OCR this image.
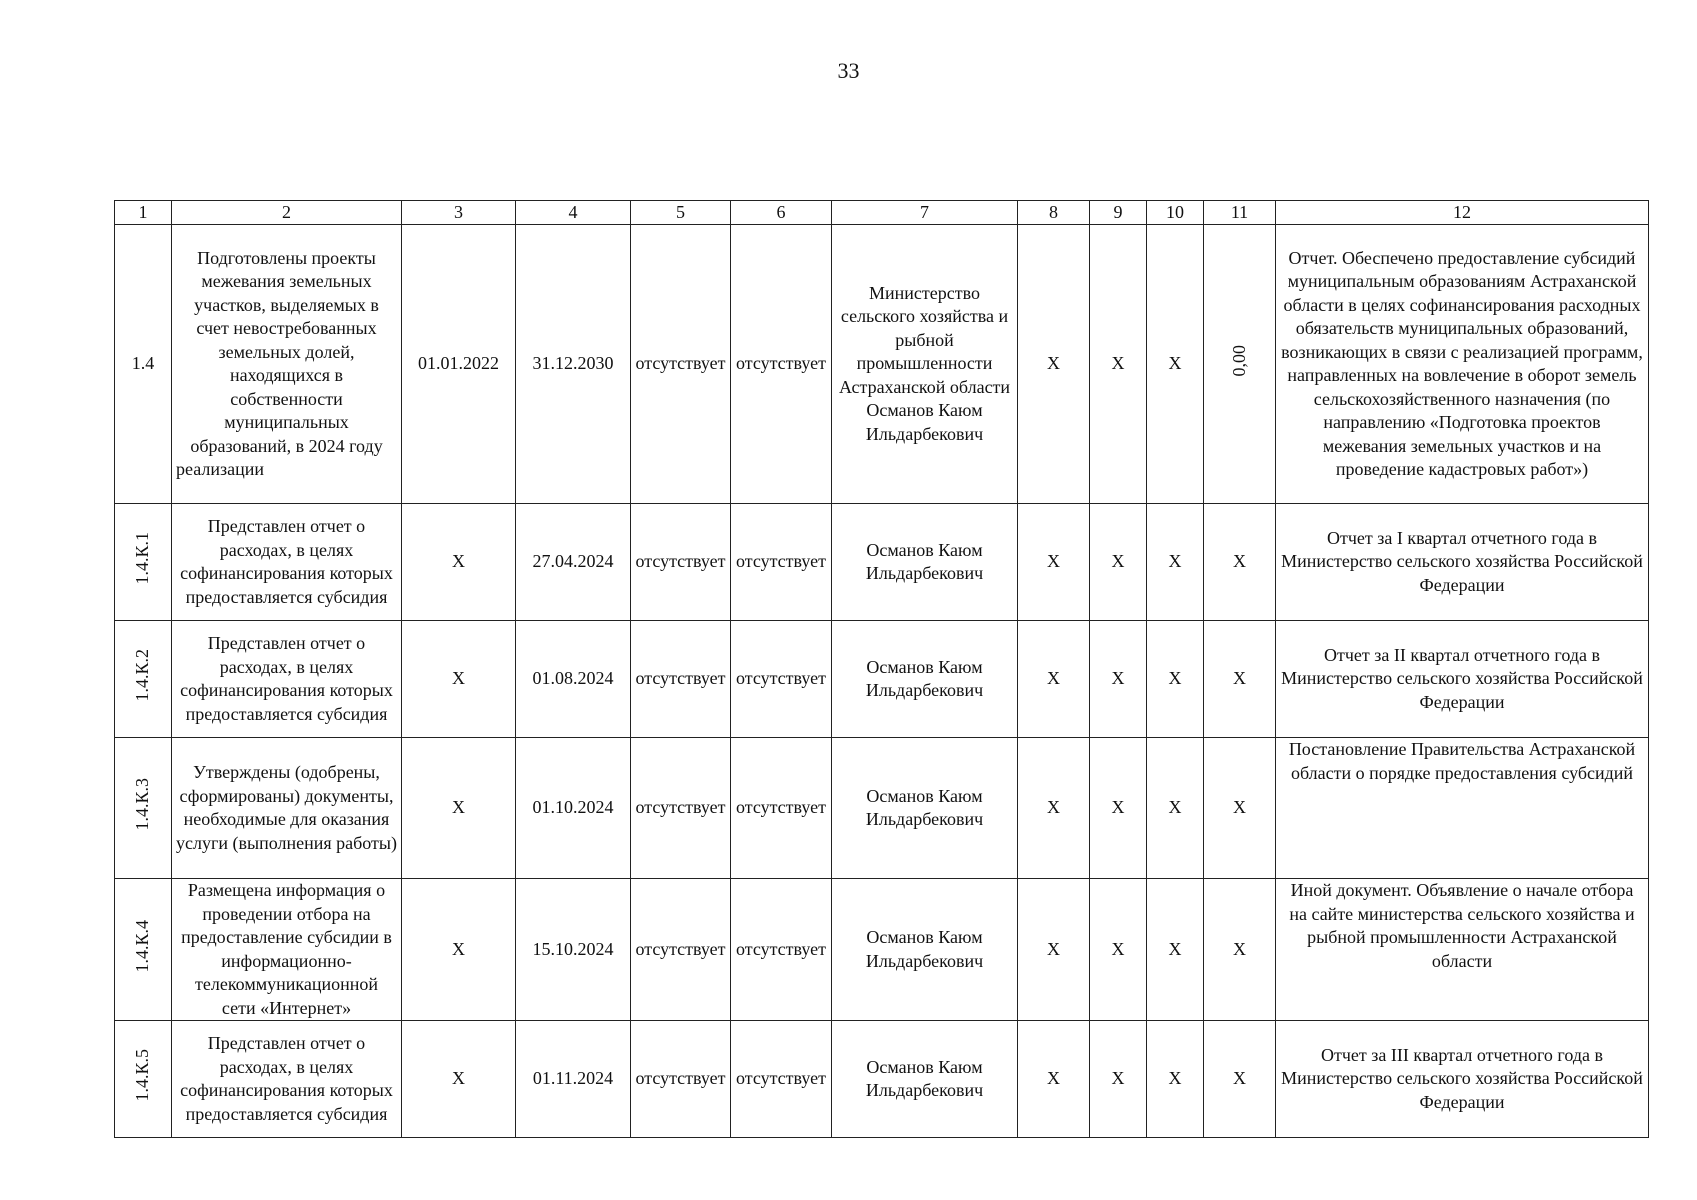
33
1	2	3	4	5	6	7	8	9	10	11	12
1.4	Подготовлены проекты межевания земельных участков, выделяемых в счет невостребованных земельных долей, находящихся в собственности муниципальных образований, в 2024 году реализации	01.01.2022	31.12.2030	отсутствует	отсутствует	Министерство сельского хозяйства и рыбной промышленности Астраханской области Османов Каюм Ильдарбекович	X	X	X	0,00	Отчет. Обеспечено предоставление субсидий муниципальным образованиям Астраханской области в целях софинансирования расходных обязательств муниципальных образований, возникающих в связи с реализацией программ, направленных на вовлечение в оборот земель сельскохозяйственного назначения (по направлению «Подготовка проектов межевания земельных участков и на проведение кадастровых работ»)
1.4.К.1	Представлен отчет о расходах, в целях софинансирования которых предоставляется субсидия	X	27.04.2024	отсутствует	отсутствует	Османов Каюм Ильдарбекович	X	X	X	X	Отчет за I квартал отчетного года в Министерство сельского хозяйства Российской Федерации
1.4.К.2	Представлен отчет о расходах, в целях софинансирования которых предоставляется субсидия	X	01.08.2024	отсутствует	отсутствует	Османов Каюм Ильдарбекович	X	X	X	X	Отчет за II квартал отчетного года в Министерство сельского хозяйства Российской Федерации
1.4.К.3	Утверждены (одобрены, сформированы) документы, необходимые для оказания услуги (выполнения работы)	X	01.10.2024	отсутствует	отсутствует	Османов Каюм Ильдарбекович	X	X	X	X	Постановление Правительства Астраханской области о порядке предоставления субсидий
1.4.К.4	Размещена информация о проведении отбора на предоставление субсидии в информационно-телекоммуникационной сети «Интернет»	X	15.10.2024	отсутствует	отсутствует	Османов Каюм Ильдарбекович	X	X	X	X	Иной документ. Объявление о начале отбора на сайте министерства сельского хозяйства и рыбной промышленности Астраханской области
1.4.К.5	Представлен отчет о расходах, в целях софинансирования которых предоставляется субсидия	X	01.11.2024	отсутствует	отсутствует	Османов Каюм Ильдарбекович	X	X	X	X	Отчет за III квартал отчетного года в Министерство сельского хозяйства Российской Федерации
